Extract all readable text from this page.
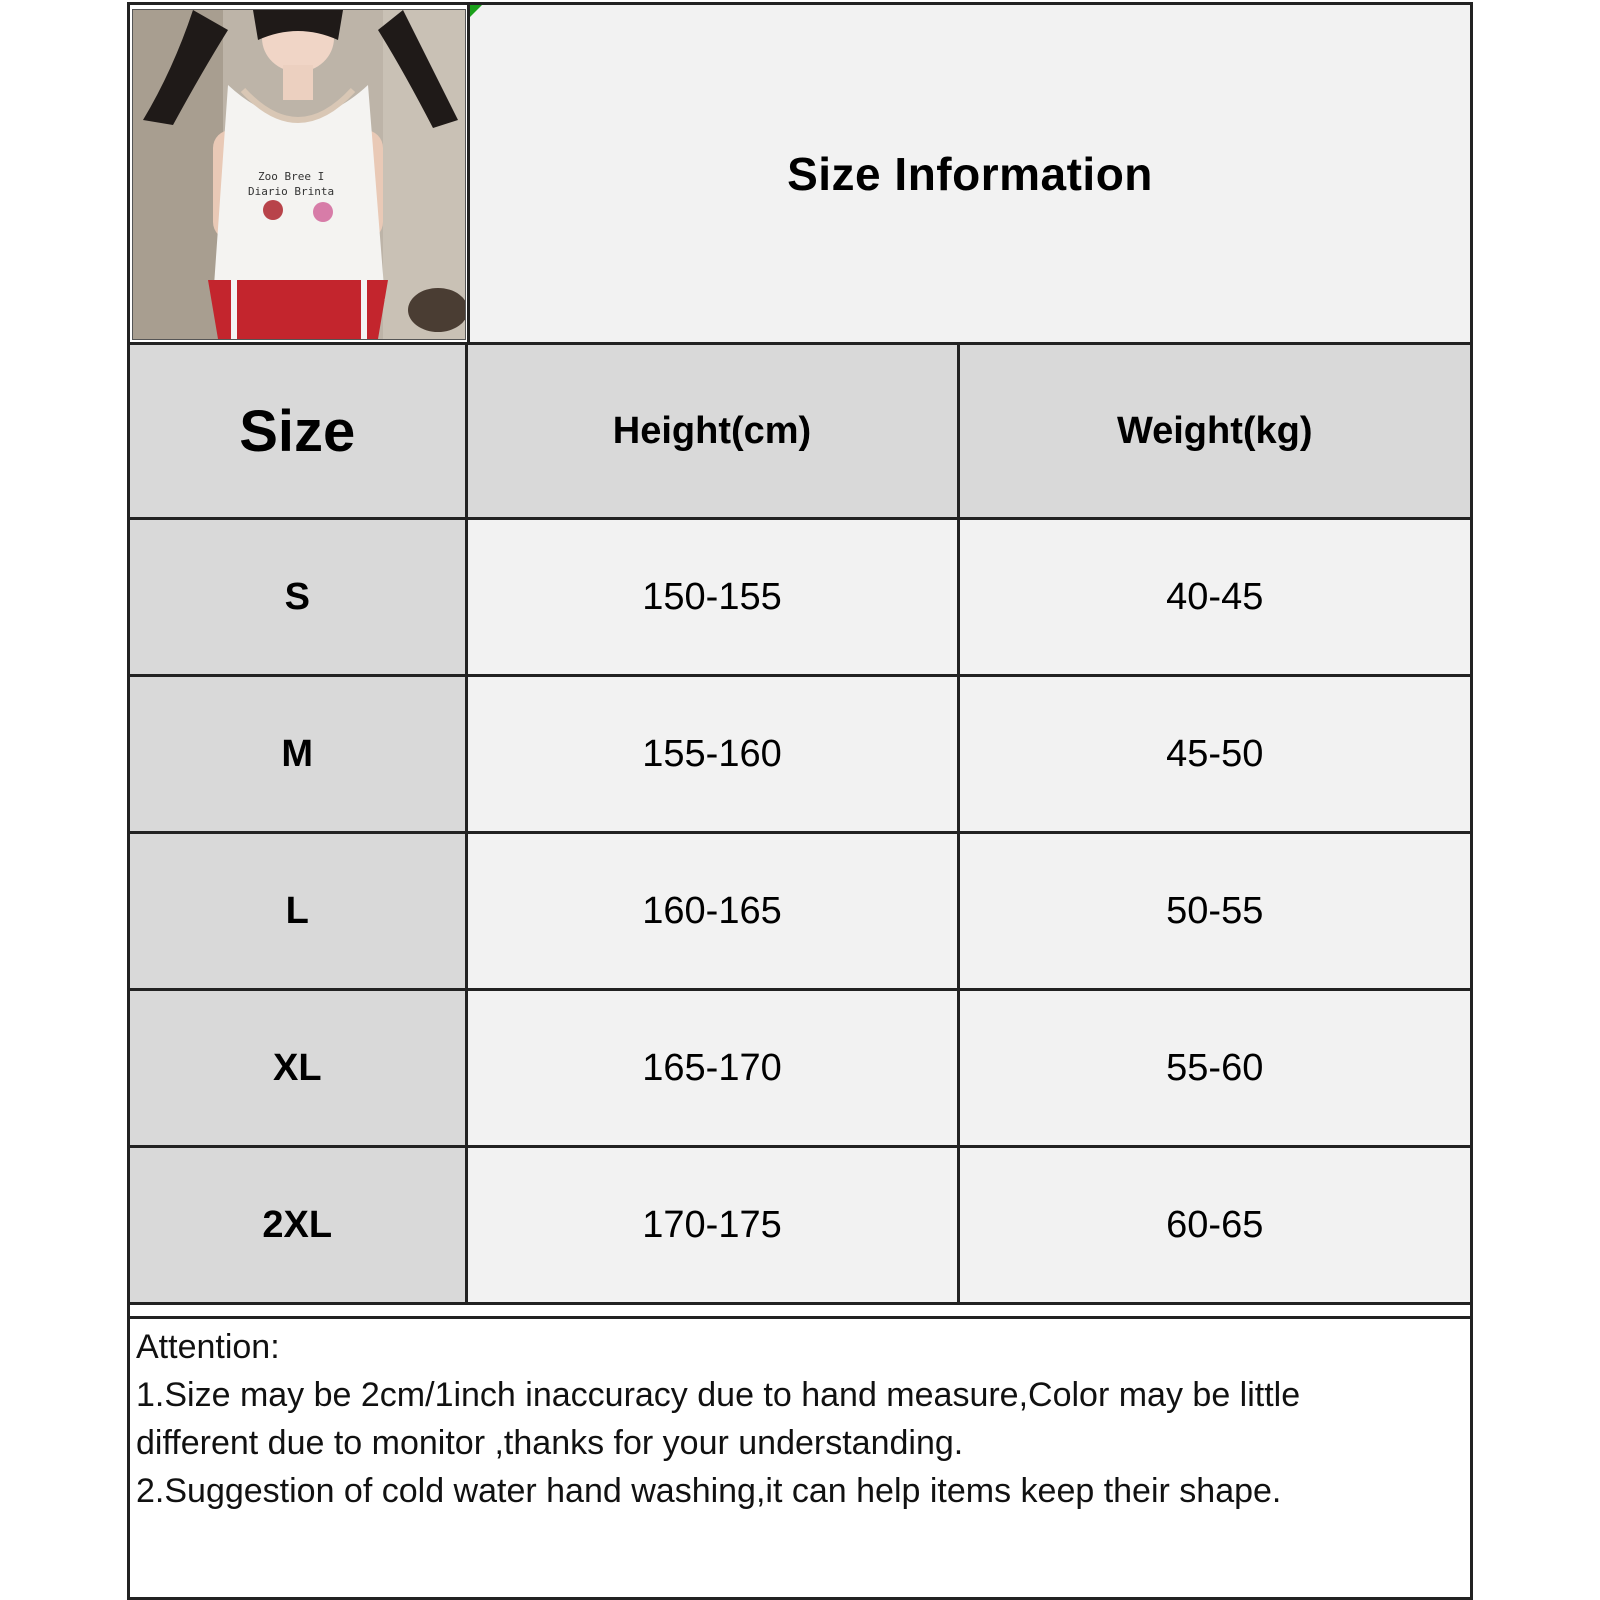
Zoo Bree I
Diario Brinta	Size Information
Size	Height(cm)	Weight(kg)
S	150-155	40-45
M	155-160	45-50
L	160-165	50-55
XL	165-170	55-60
2XL	170-175	60-65
Attention:
1.Size may be 2cm/1inch inaccuracy due to hand measure,Color may be little
different due to monitor ,thanks for your understanding.
2.Suggestion of cold water hand washing,it can help items keep their shape.
